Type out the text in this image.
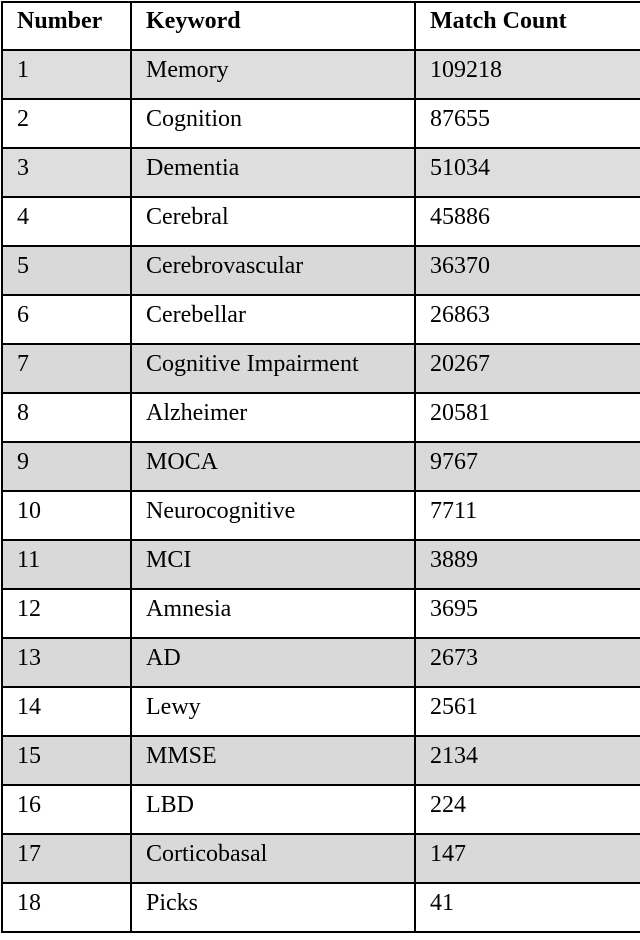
Number	Keyword	Match Count
1	Memory	109218
2	Cognition	87655
3	Dementia	51034
4	Cerebral	45886
5	Cerebrovascular	36370
6	Cerebellar	26863
7	Cognitive Impairment	20267
8	Alzheimer	20581
9	MOCA	9767
10	Neurocognitive	7711
11	MCI	3889
12	Amnesia	3695
13	AD	2673
14	Lewy	2561
15	MMSE	2134
16	LBD	224
17	Corticobasal	147
18	Picks	41
